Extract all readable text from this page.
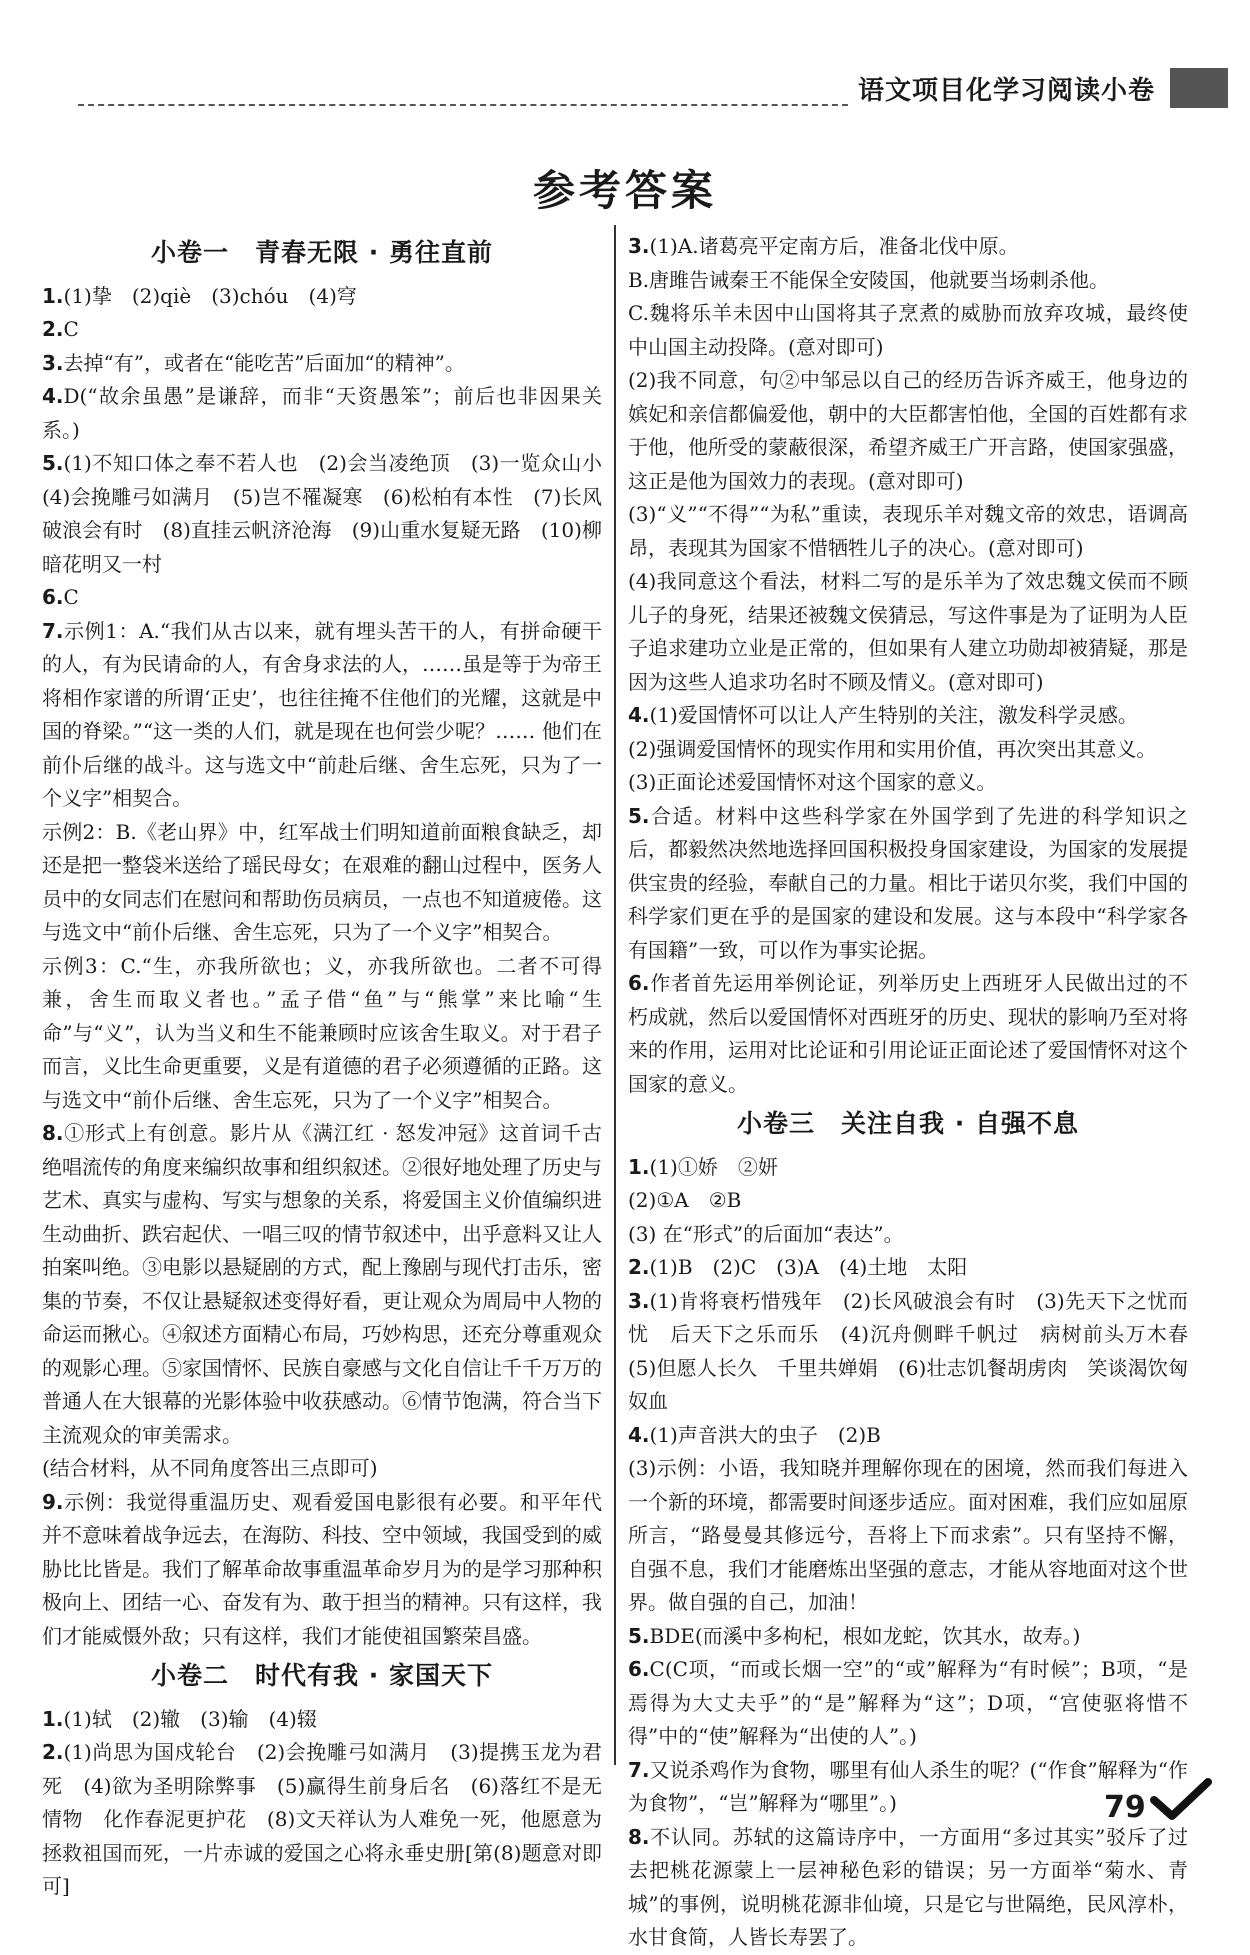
语文项目化学习阅读小卷
参考答案
小卷一　青春无限 · 勇往直前

1.(1)挚　(2)qiè　(3)chóu　(4)穹

2.C

3.去掉“有”，或者在“能吃苦”后面加“的精神”。

4.D(“故余虽愚”是谦辞，而非“天资愚笨”；前后也非因果关系。)

5.(1)不知口体之奉不若人也　(2)会当凌绝顶　(3)一览众山小　(4)会挽雕弓如满月　(5)岂不罹凝寒　(6)松柏有本性　(7)长风破浪会有时　(8)直挂云帆济沧海　(9)山重水复疑无路　(10)柳暗花明又一村

6.C

7.示例1：A.“我们从古以来，就有埋头苦干的人，有拼命硬干的人，有为民请命的人，有舍身求法的人，……虽是等于为帝王将相作家谱的所谓‘正史’，也往往掩不住他们的光耀，这就是中国的脊梁。”“这一类的人们，就是现在也何尝少呢？…… 他们在前仆后继的战斗。这与选文中“前赴后继、舍生忘死，只为了一个义字”相契合。

示例2：B.《老山界》中，红军战士们明知道前面粮食缺乏，却还是把一整袋米送给了瑶民母女；在艰难的翻山过程中，医务人员中的女同志们在慰问和帮助伤员病员，一点也不知道疲倦。这与选文中“前仆后继、舍生忘死，只为了一个义字”相契合。

示例3：C.“生，亦我所欲也；义，亦我所欲也。二者不可得兼，舍生而取义者也。”孟子借“鱼”与“熊掌”来比喻“生命”与“义”，认为当义和生不能兼顾时应该舍生取义。对于君子而言，义比生命更重要，义是有道德的君子必须遵循的正路。这与选文中“前仆后继、舍生忘死，只为了一个义字”相契合。

8.①形式上有创意。影片从《满江红 · 怒发冲冠》这首词千古绝唱流传的角度来编织故事和组织叙述。②很好地处理了历史与艺术、真实与虚构、写实与想象的关系，将爱国主义价值编织进生动曲折、跌宕起伏、一唱三叹的情节叙述中，出乎意料又让人拍案叫绝。③电影以悬疑剧的方式，配上豫剧与现代打击乐，密集的节奏，不仅让悬疑叙述变得好看，更让观众为周局中人物的命运而揪心。④叙述方面精心布局，巧妙构思，还充分尊重观众的观影心理。⑤家国情怀、民族自豪感与文化自信让千千万万的普通人在大银幕的光影体验中收获感动。⑥情节饱满，符合当下主流观众的审美需求。

(结合材料，从不同角度答出三点即可)

9.示例：我觉得重温历史、观看爱国电影很有必要。和平年代并不意味着战争远去，在海防、科技、空中领域，我国受到的威胁比比皆是。我们了解革命故事重温革命岁月为的是学习那种积极向上、团结一心、奋发有为、敢于担当的精神。只有这样，我们才能威慑外敌；只有这样，我们才能使祖国繁荣昌盛。

小卷二　时代有我 · 家国天下

1.(1)轼　(2)辙　(3)输　(4)辍

2.(1)尚思为国戍轮台　(2)会挽雕弓如满月　(3)提携玉龙为君死　(4)欲为圣明除弊事　(5)赢得生前身后名　(6)落红不是无情物　化作春泥更护花　(8)文天祥认为人难免一死，他愿意为拯救祖国而死，一片赤诚的爱国之心将永垂史册[第(8)题意对即可]

3.(1)A.诸葛亮平定南方后，准备北伐中原。

B.唐雎告诫秦王不能保全安陵国，他就要当场刺杀他。

C.魏将乐羊未因中山国将其子烹煮的威胁而放弃攻城，最终使中山国主动投降。(意对即可)

(2)我不同意，句②中邹忌以自己的经历告诉齐威王，他身边的嫔妃和亲信都偏爱他，朝中的大臣都害怕他，全国的百姓都有求于他，他所受的蒙蔽很深，希望齐威王广开言路，使国家强盛，这正是他为国效力的表现。(意对即可)

(3)“义”“不得”“为私”重读，表现乐羊对魏文帝的效忠，语调高昂，表现其为国家不惜牺牲儿子的决心。(意对即可)

(4)我同意这个看法，材料二写的是乐羊为了效忠魏文侯而不顾儿子的身死，结果还被魏文侯猜忌，写这件事是为了证明为人臣子追求建功立业是正常的，但如果有人建立功勋却被猜疑，那是因为这些人追求功名时不顾及情义。(意对即可)

4.(1)爱国情怀可以让人产生特别的关注，激发科学灵感。

(2)强调爱国情怀的现实作用和实用价值，再次突出其意义。

(3)正面论述爱国情怀对这个国家的意义。

5.合适。材料中这些科学家在外国学到了先进的科学知识之后，都毅然决然地选择回国积极投身国家建设，为国家的发展提供宝贵的经验，奉献自己的力量。相比于诺贝尔奖，我们中国的科学家们更在乎的是国家的建设和发展。这与本段中“科学家各有国籍”一致，可以作为事实论据。

6.作者首先运用举例论证，列举历史上西班牙人民做出过的不朽成就，然后以爱国情怀对西班牙的历史、现状的影响乃至对将来的作用，运用对比论证和引用论证正面论述了爱国情怀对这个国家的意义。

小卷三　关注自我 · 自强不息

1.(1)①娇　②妍

(2)①A　②B

(3) 在“形式”的后面加“表达”。

2.(1)B　(2)C　(3)A　(4)土地　太阳

3.(1)肯将衰朽惜残年　(2)长风破浪会有时　(3)先天下之忧而忧　后天下之乐而乐　(4)沉舟侧畔千帆过　病树前头万木春　(5)但愿人长久　千里共婵娟　(6)壮志饥餐胡虏肉　笑谈渴饮匈奴血

4.(1)声音洪大的虫子　(2)B

(3)示例：小语，我知晓并理解你现在的困境，然而我们每进入一个新的环境，都需要时间逐步适应。面对困难，我们应如屈原所言，“路曼曼其修远兮，吾将上下而求索”。只有坚持不懈，自强不息，我们才能磨炼出坚强的意志，才能从容地面对这个世界。做自强的自己，加油！

5.BDE(而溪中多枸杞，根如龙蛇，饮其水，故寿。)

6.C(C项，“而或长烟一空”的“或”解释为“有时候”；B项，“是焉得为大丈夫乎”的“是”解释为“这”；D项，“宫使驱将惜不得”中的“使”解释为“出使的人”。)

7.又说杀鸡作为食物，哪里有仙人杀生的呢？(“作食”解释为“作为食物”，“岂”解释为“哪里”。)

8.不认同。苏轼的这篇诗序中，一方面用“多过其实”驳斥了过去把桃花源蒙上一层神秘色彩的错误；另一方面举“菊水、青城”的事例，说明桃花源非仙境，只是它与世隔绝，民风淳朴，水甘食简，人皆长寿罢了。

79
